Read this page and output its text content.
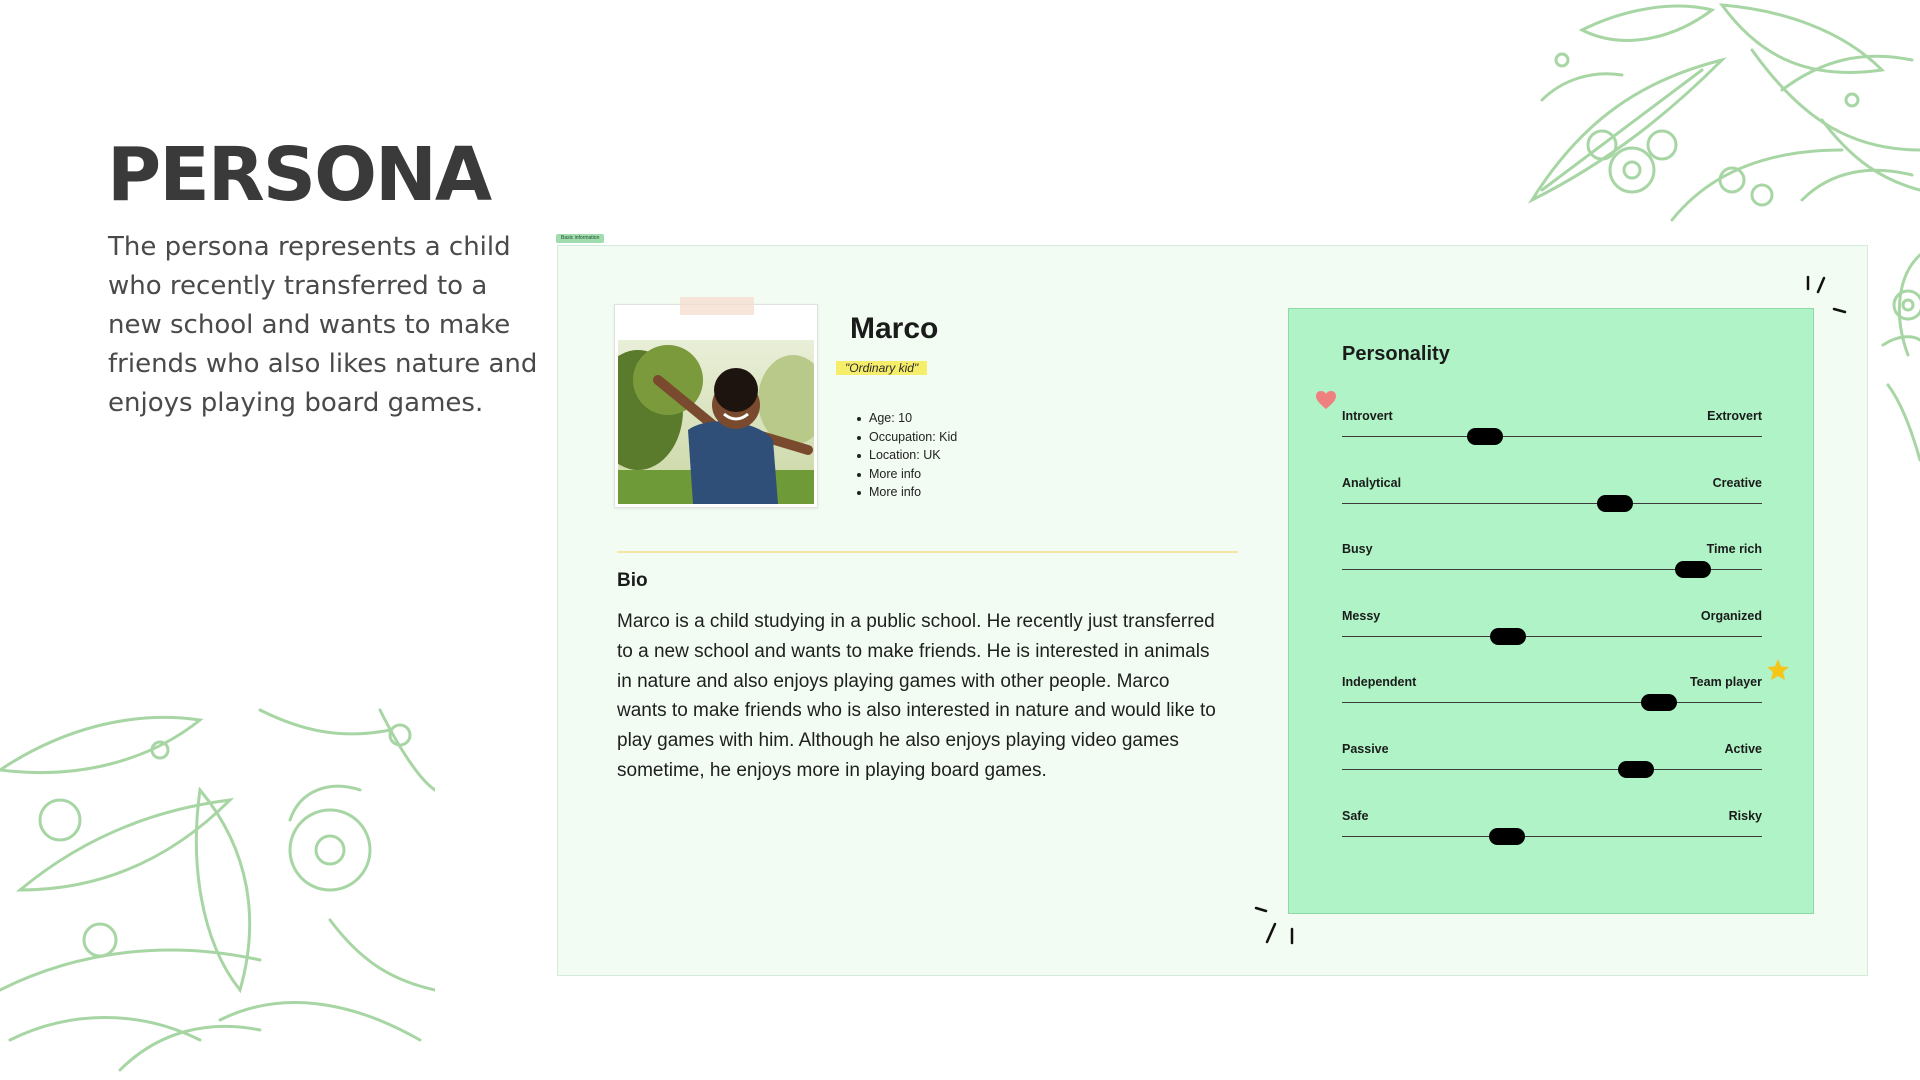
PERSONA

The persona represents a child who recently transferred to a new school and wants to make friends who also likes nature and enjoys playing board games.

Basic information
Marco
"Ordinary kid"
Age: 10
Occupation: Kid
Location: UK
More info
More info
Bio

Marco is a child studying in a public school. He recently just transferred to a new school and wants to make friends. He is interested in animals in nature and also enjoys playing games with other people. Marco wants to make friends who is also interested in nature and would like to play games with him. Although he also enjoys playing video games sometime, he enjoys more in playing board games.

Personality
Introvert	Extrovert
Analytical	Creative
Busy	Time rich
Messy	Organized
Independent	Team player
Passive	Active
Safe	Risky
